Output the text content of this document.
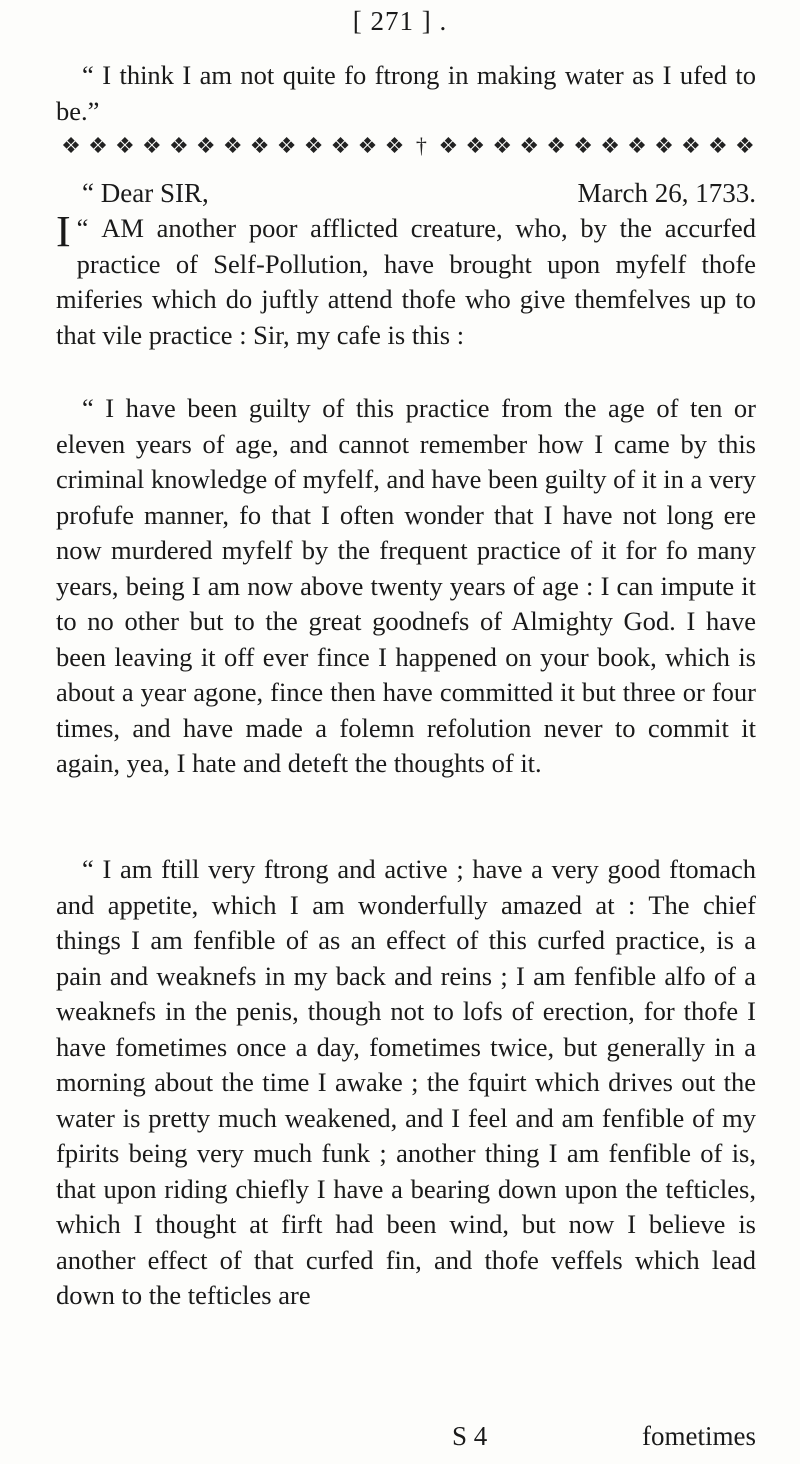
[ 271 ] .

“ I think I am not quite fo ftrong in making water as I ufed to be.”

❖ ❖ ❖ ❖ ❖ ❖ ❖ ❖ ❖ ❖ ❖ ❖ ❖ † ❖ ❖ ❖ ❖ ❖ ❖ ❖ ❖ ❖ ❖ ❖ ❖
“ Dear SIR,	March 26, 1733.

“
I AM another poor afflicted creature, who, by the accurfed practice of Self-Pollution, have brought upon myfelf thofe miferies which do juftly attend thofe who give themfelves up to that vile practice : Sir, my cafe is this :

“ I have been guilty of this practice from the age of ten or eleven years of age, and cannot remember how I came by this criminal knowledge of myfelf, and have been guilty of it in a very profufe manner, fo that I often wonder that I have not long ere now murdered myfelf by the frequent practice of it for fo many years, being I am now above twenty years of age : I can impute it to no other but to the great goodnefs of Almighty God. I have been leaving it off ever fince I happened on your book, which is about a year agone, fince then have committed it but three or four times, and have made a folemn refolution never to commit it again, yea, I hate and deteft the thoughts of it.

“ I am ftill very ftrong and active ; have a very good ftomach and appetite, which I am wonderfully amazed at : The chief things I am fenfible of as an effect of this curfed practice, is a pain and weaknefs in my back and reins ; I am fenfible alfo of a weaknefs in the penis, though not to lofs of erection, for thofe I have fometimes once a day, fometimes twice, but generally in a morning about the time I awake ; the fquirt which drives out the water is pretty much weakened, and I feel and am fenfible of my fpirits being very much funk ; another thing I am fenfible of is, that upon riding chiefly I have a bearing down upon the tefticles, which I thought at firft had been wind, but now I believe is another effect of that curfed fin, and thofe veffels which lead down to the tefticles are

S 4	fometimes
